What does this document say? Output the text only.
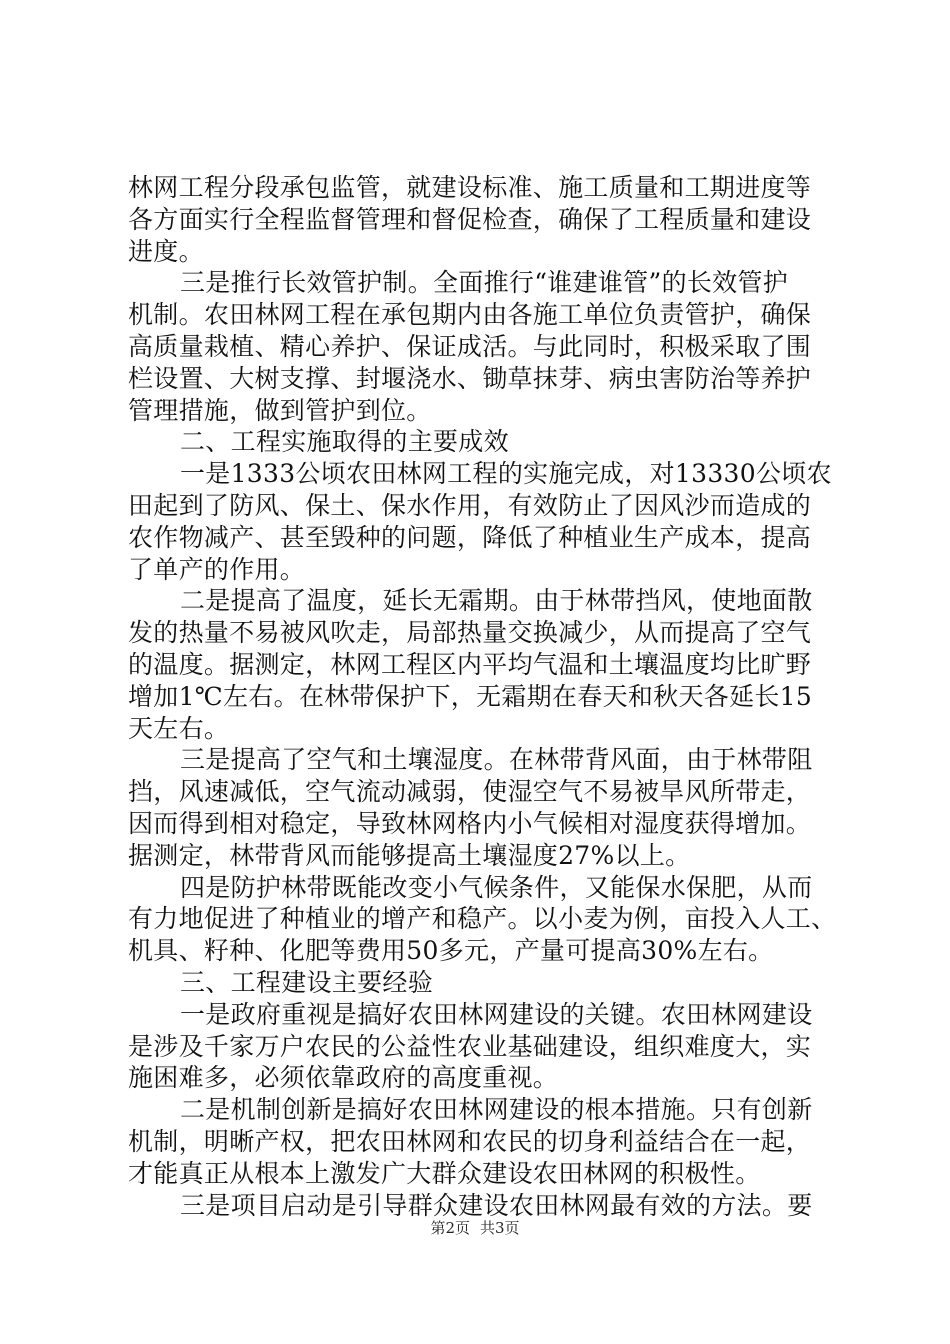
林网工程分段承包监管，就建设标准、施工质量和工期进度等
各方面实行全程监督管理和督促检查，确保了工程质量和建设
进度。
三是推行长效管护制。全面推行“谁建谁管”的长效管护
机制。农田林网工程在承包期内由各施工单位负责管护，确保
高质量栽植、精心养护、保证成活。与此同时，积极采取了围
栏设置、大树支撑、封堰浇水、锄草抹芽、病虫害防治等养护
管理措施，做到管护到位。
二、工程实施取得的主要成效
一是1333公顷农田林网工程的实施完成，对13330公顷农
田起到了防风、保土、保水作用，有效防止了因风沙而造成的
农作物减产、甚至毁种的问题，降低了种植业生产成本，提高
了单产的作用。
二是提高了温度，延长无霜期。由于林带挡风，使地面散
发的热量不易被风吹走，局部热量交换减少，从而提高了空气
的温度。据测定，林网工程区内平均气温和土壤温度均比旷野
增加1℃左右。在林带保护下，无霜期在春天和秋天各延长15
天左右。
三是提高了空气和土壤湿度。在林带背风面，由于林带阻
挡，风速减低，空气流动减弱，使湿空气不易被旱风所带走，
因而得到相对稳定，导致林网格内小气候相对湿度获得增加。
据测定，林带背风而能够提高土壤湿度27%以上。
四是防护林带既能改变小气候条件，又能保水保肥，从而
有力地促进了种植业的增产和稳产。以小麦为例，亩投入人工、
机具、籽种、化肥等费用50多元，产量可提高30%左右。
三、工程建设主要经验
一是政府重视是搞好农田林网建设的关键。农田林网建设
是涉及千家万户农民的公益性农业基础建设，组织难度大，实
施困难多，必须依靠政府的高度重视。
二是机制创新是搞好农田林网建设的根本措施。只有创新
机制，明晰产权，把农田林网和农民的切身利益结合在一起，
才能真正从根本上激发广大群众建设农田林网的积极性。
三是项目启动是引导群众建设农田林网最有效的方法。要
第2页 共3页
